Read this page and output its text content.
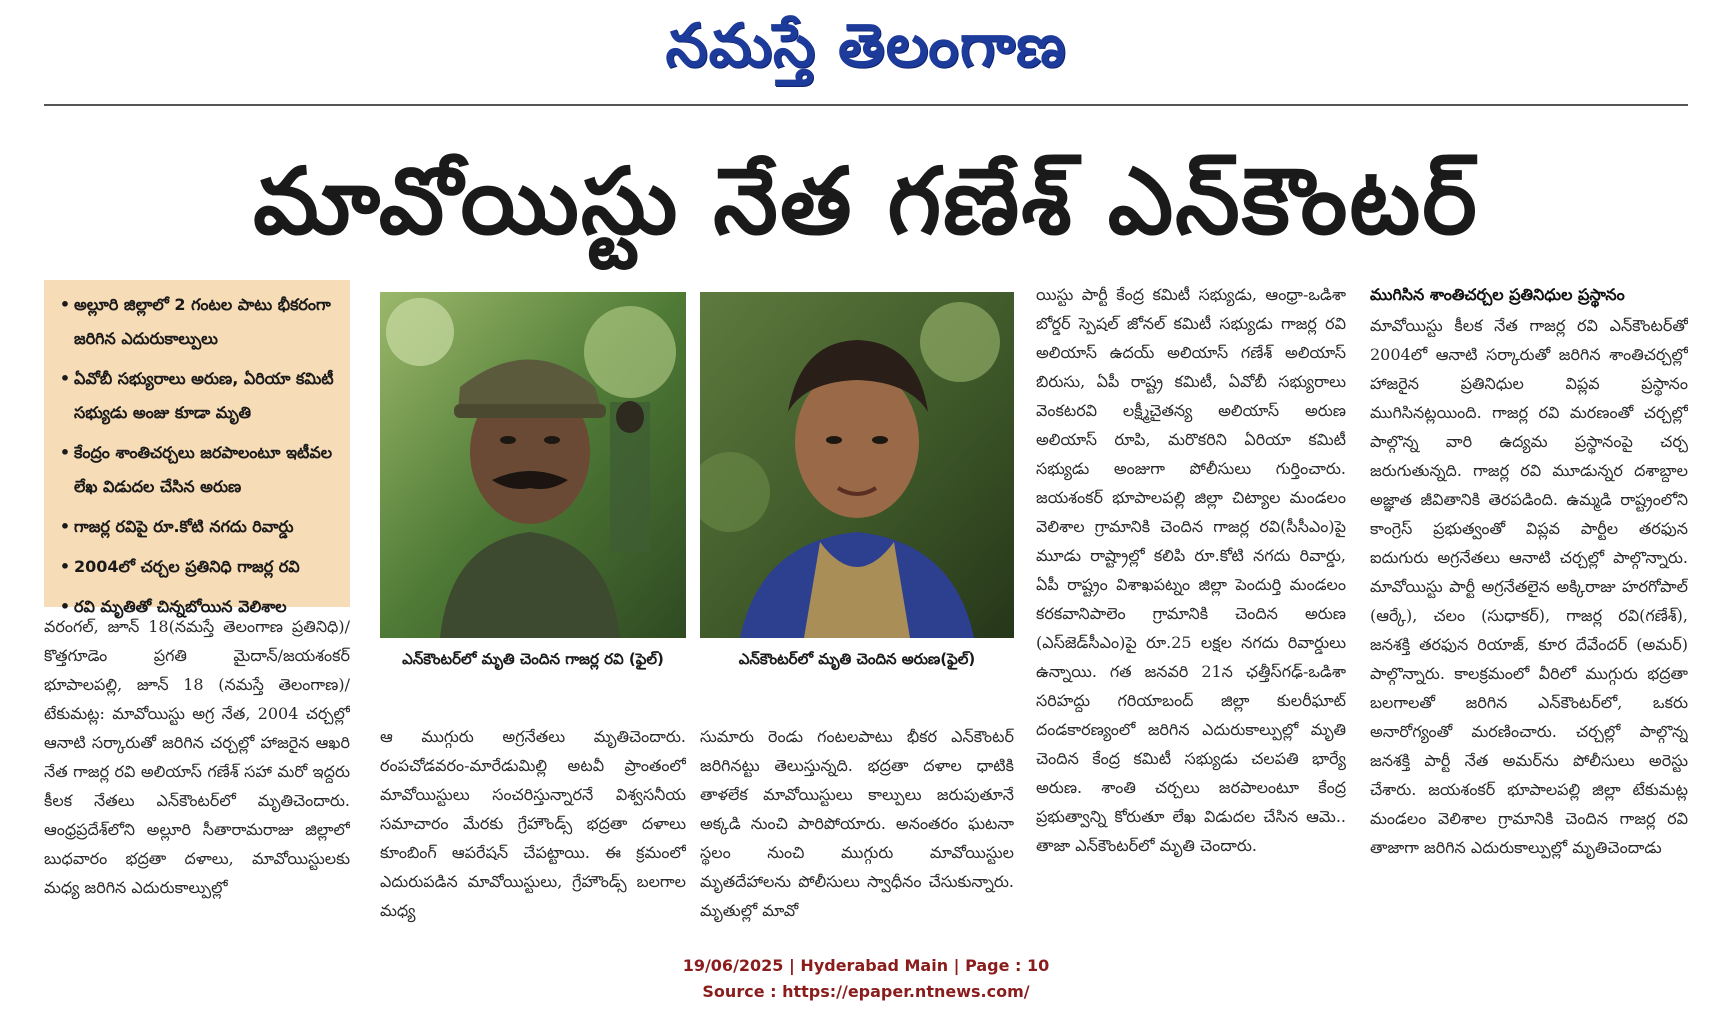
నమస్తే తెలంగాణ
మావోయిస్టు నేత గణేశ్ ఎన్‌కౌంటర్
• అల్లూరి జిల్లాలో 2 గంటల పాటు భీకరంగా జరిగిన ఎదురుకాల్పులు
• ఏవోబీ సభ్యురాలు అరుణ, ఏరియా కమిటీ సభ్యుడు అంజు కూడా మృతి
• కేంద్రం శాంతిచర్చలు జరపాలంటూ ఇటీవల లేఖ విడుదల చేసిన అరుణ
• గాజర్ల రవిపై రూ.కోటి నగదు రివార్డు
• 2004లో చర్చల ప్రతినిధి గాజర్ల రవి
• రవి మృతితో చిన్నబోయిన వెలిశాల

వరంగల్, జూన్ 18(నమస్తే తెలంగాణ ప్రతినిధి)/కొత్తగూడెం ప్రగతి మైదాన్/జయశంకర్ భూపాలపల్లి, జూన్ 18 (నమస్తే తెలంగాణ)/టేకుమట్ల: మావోయిస్టు అగ్ర నేత, 2004 చర్చల్లో ఆనాటి సర్కారుతో జరిగిన చర్చల్లో హాజరైన ఆఖరి నేత గాజర్ల రవి అలియాస్ గణేశ్ సహా మరో ఇద్దరు కీలక నేతలు ఎన్‌కౌంటర్‌లో మృతిచెందారు. ఆంధ్రప్రదేశ్‌లోని అల్లూరి సీతారామరాజు జిల్లాలో బుధవారం భద్రతా దళాలు, మావోయిస్టులకు మధ్య జరిగిన ఎదురుకాల్పుల్లో

ఎన్‌కౌంటర్‌లో మృతి చెందిన గాజర్ల రవి (ఫైల్)	ఎన్‌కౌంటర్‌లో మృతి చెందిన అరుణ(ఫైల్)

ఆ ముగ్గురు అగ్రనేతలు మృతిచెందారు. రంపచోడవరం-మారేడుమిల్లి అటవీ ప్రాంతంలో మావోయిస్టులు సంచరిస్తున్నారనే విశ్వసనీయ సమాచారం మేరకు గ్రేహౌండ్స్ భద్రతా దళాలు కూంబింగ్ ఆపరేషన్ చేపట్టాయి. ఈ క్రమంలో ఎదురుపడిన మావోయిస్టులు, గ్రేహౌండ్స్ బలగాల మధ్య

సుమారు రెండు గంటలపాటు భీకర ఎన్‌కౌంటర్ జరిగినట్టు తెలుస్తున్నది. భద్రతా దళాల ధాటికి తాళలేక మావోయిస్టులు కాల్పులు జరుపుతూనే అక్కడి నుంచి పారిపోయారు. అనంతరం ఘటనా స్థలం నుంచి ముగ్గురు మావోయిస్టుల మృతదేహాలను పోలీసులు స్వాధీనం చేసుకున్నారు. మృతుల్లో మావో

యిస్టు పార్టీ కేంద్ర కమిటీ సభ్యుడు, ఆంధ్రా-ఒడిశా బోర్డర్ స్పెషల్ జోనల్ కమిటీ సభ్యుడు గాజర్ల రవి అలియాస్ ఉదయ్ అలియాస్ గణేశ్ అలియాస్ బిరుసు, ఏపీ రాష్ట్ర కమిటీ, ఏవోబీ సభ్యురాలు వెంకటరవి లక్ష్మీచైతన్య అలియాస్ అరుణ అలియాస్ రూపి, మరొకరిని ఏరియా కమిటీ సభ్యుడు అంజుగా పోలీసులు గుర్తించారు. జయశంకర్ భూపాలపల్లి జిల్లా చిట్యాల మండలం వెలిశాల గ్రామానికి చెందిన గాజర్ల రవి(సీసీఎం)పై మూడు రాష్ట్రాల్లో కలిపి రూ.కోటి నగదు రివార్డు, ఏపీ రాష్ట్రం విశాఖపట్నం జిల్లా పెందుర్తి మండలం కరకవానిపాలెం గ్రామానికి చెందిన అరుణ (ఎస్‌జెడ్‌సీఎం)పై రూ.25 లక్షల నగదు రివార్డులు ఉన్నాయి. గత జనవరి 21న ఛత్తీస్‌గఢ్-ఒడిశా సరిహద్దు గరియాబంద్ జిల్లా కులరీఘాట్ దండకారణ్యంలో జరిగిన ఎదురుకాల్పుల్లో మృతి చెందిన కేంద్ర కమిటీ సభ్యుడు చలపతి భార్యే అరుణ. శాంతి చర్చలు జరపాలంటూ కేంద్ర ప్రభుత్వాన్ని కోరుతూ లేఖ విడుదల చేసిన ఆమె.. తాజా ఎన్‌కౌంటర్‌లో మృతి చెందారు.

ముగిసిన శాంతిచర్చల ప్రతినిధుల ప్రస్థానం

మావోయిస్టు కీలక నేత గాజర్ల రవి ఎన్‌కౌంటర్‌తో 2004లో ఆనాటి సర్కారుతో జరిగిన శాంతిచర్చల్లో హాజరైన ప్రతినిధుల విప్లవ ప్రస్థానం ముగిసినట్లయింది. గాజర్ల రవి మరణంతో చర్చల్లో పాల్గొన్న వారి ఉద్యమ ప్రస్థానంపై చర్చ జరుగుతున్నది. గాజర్ల రవి మూడున్నర దశాబ్దాల అజ్ఞాత జీవితానికి తెరపడింది. ఉమ్మడి రాష్ట్రంలోని కాంగ్రెస్ ప్రభుత్వంతో విప్లవ పార్టీల తరఫున ఐదుగురు అగ్రనేతలు ఆనాటి చర్చల్లో పాల్గొన్నారు. మావోయిస్టు పార్టీ అగ్రనేతలైన అక్కిరాజు హరగోపాల్ (ఆర్కే), చలం (సుధాకర్), గాజర్ల రవి(గణేశ్), జనశక్తి తరఫున రియాజ్, కూర దేవేందర్ (అమర్) పాల్గొన్నారు. కాలక్రమంలో వీరిలో ముగ్గురు భద్రతా బలగాలతో జరిగిన ఎన్‌కౌంటర్‌లో, ఒకరు అనారోగ్యంతో మరణించారు. చర్చల్లో పాల్గొన్న జనశక్తి పార్టీ నేత అమర్‌ను పోలీసులు అరెస్టు చేశారు. జయశంకర్ భూపాలపల్లి జిల్లా టేకుమట్ల మండలం వెలిశాల గ్రామానికి చెందిన గాజర్ల రవి తాజాగా జరిగిన ఎదురుకాల్పుల్లో మృతిచెందాడు

19/06/2025 | Hyderabad Main | Page : 10
Source : https://epaper.ntnews.com/
